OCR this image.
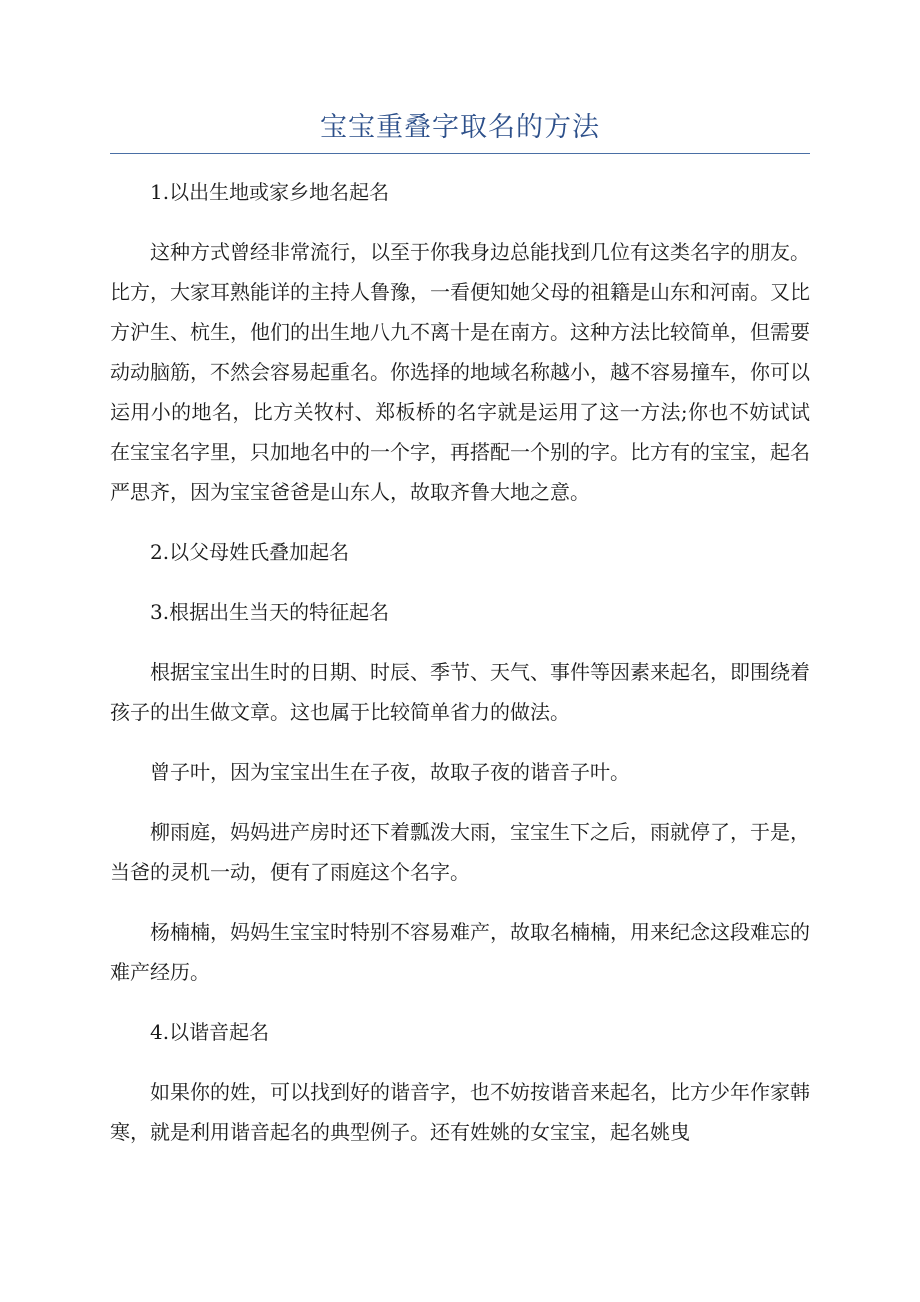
宝宝重叠字取名的方法

1.以出生地或家乡地名起名

这种方式曾经非常流行，以至于你我身边总能找到几位有这类名字的朋友。比方，大家耳熟能详的主持人鲁豫，一看便知她父母的祖籍是山东和河南。又比方沪生、杭生，他们的出生地八九不离十是在南方。这种方法比较简单，但需要动动脑筋，不然会容易起重名。你选择的地域名称越小，越不容易撞车，你可以运用小的地名，比方关牧村、郑板桥的名字就是运用了这一方法;你也不妨试试在宝宝名字里，只加地名中的一个字，再搭配一个别的字。比方有的宝宝，起名严思齐，因为宝宝爸爸是山东人，故取齐鲁大地之意。

2.以父母姓氏叠加起名

3.根据出生当天的特征起名

根据宝宝出生时的日期、时辰、季节、天气、事件等因素来起名，即围绕着孩子的出生做文章。这也属于比较简单省力的做法。

曾子叶，因为宝宝出生在子夜，故取子夜的谐音子叶。

柳雨庭，妈妈进产房时还下着瓢泼大雨，宝宝生下之后，雨就停了，于是，当爸的灵机一动，便有了雨庭这个名字。

杨楠楠，妈妈生宝宝时特别不容易难产，故取名楠楠，用来纪念这段难忘的难产经历。

4.以谐音起名

如果你的姓，可以找到好的谐音字，也不妨按谐音来起名，比方少年作家韩寒，就是利用谐音起名的典型例子。还有姓姚的女宝宝，起名姚曳
